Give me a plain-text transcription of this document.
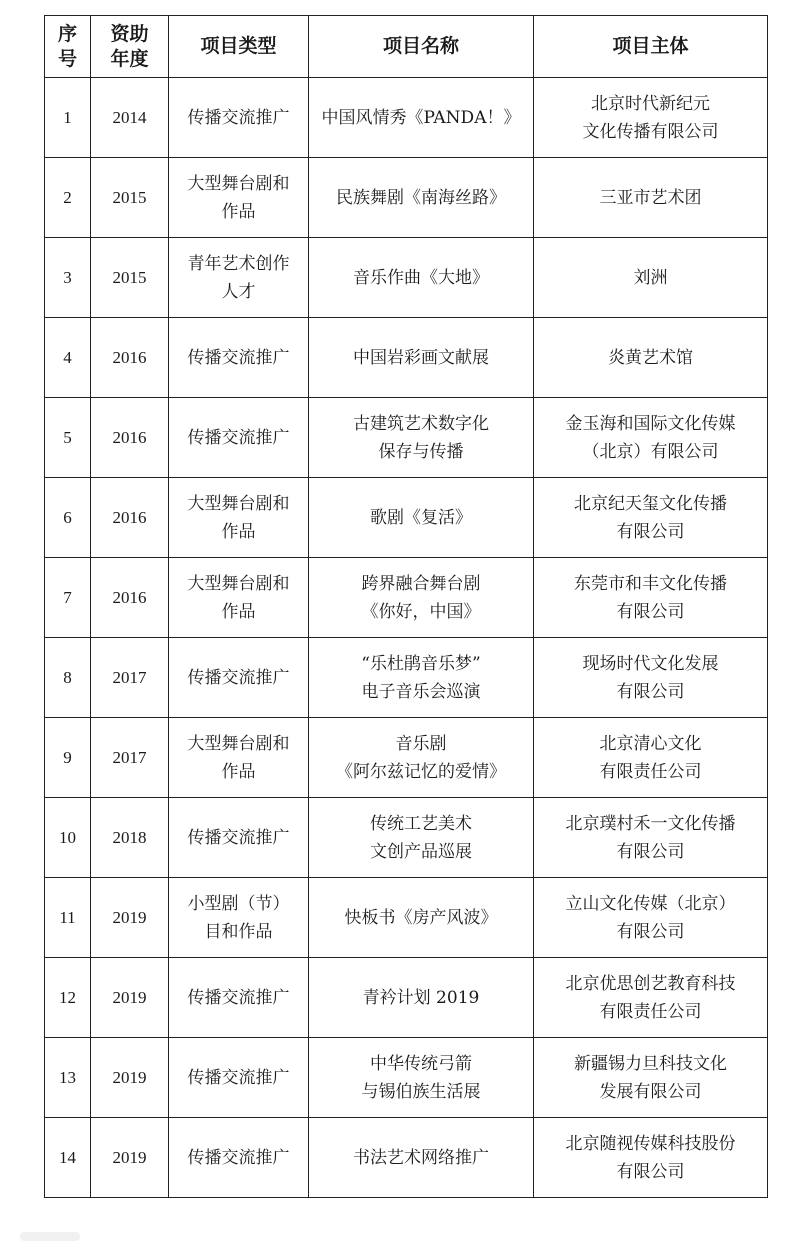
序
号	资助
年度	项目类型	项目名称	项目主体

1	2014	传播交流推广	中国风情秀《PANDA！》	北京时代新纪元
文化传播有限公司

2	2015	大型舞台剧和
作品	民族舞剧《南海丝路》	三亚市艺术团

3	2015	青年艺术创作
人才	音乐作曲《大地》	刘洲

4	2016	传播交流推广	中国岩彩画文献展	炎黄艺术馆

5	2016	传播交流推广	古建筑艺术数字化
保存与传播	金玉海和国际文化传媒
（北京）有限公司

6	2016	大型舞台剧和
作品	歌剧《复活》	北京纪天玺文化传播
有限公司

7	2016	大型舞台剧和
作品	跨界融合舞台剧
《你好，中国》	东莞市和丰文化传播
有限公司

8	2017	传播交流推广	“乐杜鹃音乐梦”
电子音乐会巡演	现场时代文化发展
有限公司

9	2017	大型舞台剧和
作品	音乐剧
《阿尔兹记忆的爱情》	北京清心文化
有限责任公司

10	2018	传播交流推广	传统工艺美术
文创产品巡展	北京璞村禾一文化传播
有限公司

11	2019	小型剧（节）
目和作品	快板书《房产风波》	立山文化传媒（北京）
有限公司

12	2019	传播交流推广	青衿计划 2019	北京优思创艺教育科技
有限责任公司

13	2019	传播交流推广	中华传统弓箭
与锡伯族生活展	新疆锡力旦科技文化
发展有限公司

14	2019	传播交流推广	书法艺术网络推广	北京随视传媒科技股份
有限公司
